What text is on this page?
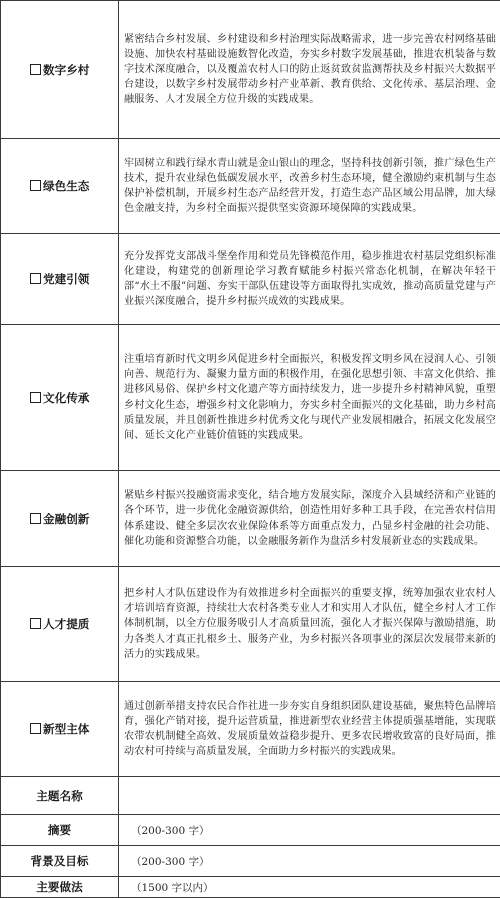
数字乡村	紧密结合乡村发展、乡村建设和乡村治理实际战略需求，进一步完善农村网络基础设施、加快农村基础设施数智化改造，夯实乡村数字发展基础，推进农机装备与数字技术深度融合，以及覆盖农村人口的防止返贫致贫监测帮扶及乡村振兴大数据平台建设，以数字乡村发展带动乡村产业革新、教育供给、文化传承、基层治理、金融服务、人才发展全方位升级的实践成果。
绿色生态	牢固树立和践行绿水青山就是金山银山的理念，坚持科技创新引领，推广绿色生产技术，提升农业绿色低碳发展水平，改善乡村生态环境，健全激励约束机制与生态保护补偿机制，开展乡村生态产品经营开发，打造生态产品区域公用品牌，加大绿色金融支持，为乡村全面振兴提供坚实资源环境保障的实践成果。
党建引领	充分发挥党支部战斗堡垒作用和党员先锋模范作用，稳步推进农村基层党组织标准化建设，构建党的创新理论学习教育赋能乡村振兴常态化机制，在解决年轻干部“水土不服”问题、夯实干部队伍建设等方面取得扎实成效，推动高质量党建与产业振兴深度融合，提升乡村振兴成效的实践成果。
文化传承	注重培育新时代文明乡风促进乡村全面振兴，积极发挥文明乡风在浸润人心、引领向善、规范行为、凝聚力量方面的积极作用，在强化思想引领、丰富文化供给、推进移风易俗、保护乡村文化遗产等方面持续发力，进一步提升乡村精神风貌，重塑乡村文化生态，增强乡村文化影响力，夯实乡村全面振兴的文化基础，助力乡村高质量发展，并且创新性推进乡村优秀文化与现代产业发展相融合，拓展文化发展空间、延长文化产业链价值链的实践成果。
金融创新	紧贴乡村振兴投融资需求变化，结合地方发展实际，深度介入县域经济和产业链的各个环节，进一步优化金融资源供给，创造性用好多种工具手段，在完善农村信用体系建设、健全多层次农业保险体系等方面重点发力，凸显乡村金融的社会功能、催化功能和资源整合功能，以金融服务新作为盘活乡村发展新业态的实践成果。
人才提质	把乡村人才队伍建设作为有效推进乡村全面振兴的重要支撑，统筹加强农业农村人才培训培育资源，持续壮大农村各类专业人才和实用人才队伍，健全乡村人才工作体制机制，以全方位服务吸引人才高质量回流，强化人才振兴保障与激励措施，助力各类人才真正扎根乡土、服务产业，为乡村振兴各项事业的深层次发展带来新的活力的实践成果。
新型主体	通过创新举措支持农民合作社进一步夯实自身组织团队建设基础，聚焦特色品牌培育，强化产销对接，提升运营质量，推进新型农业经营主体提质强基增能，实现联农带农机制健全高效、发展质量效益稳步提升、更多农民增收致富的良好局面，推动农村可持续与高质量发展，全面助力乡村振兴的实践成果。
主题名称	
摘要	（200-300 字）
背景及目标	（200-300 字）
主要做法	（1500 字以内）
